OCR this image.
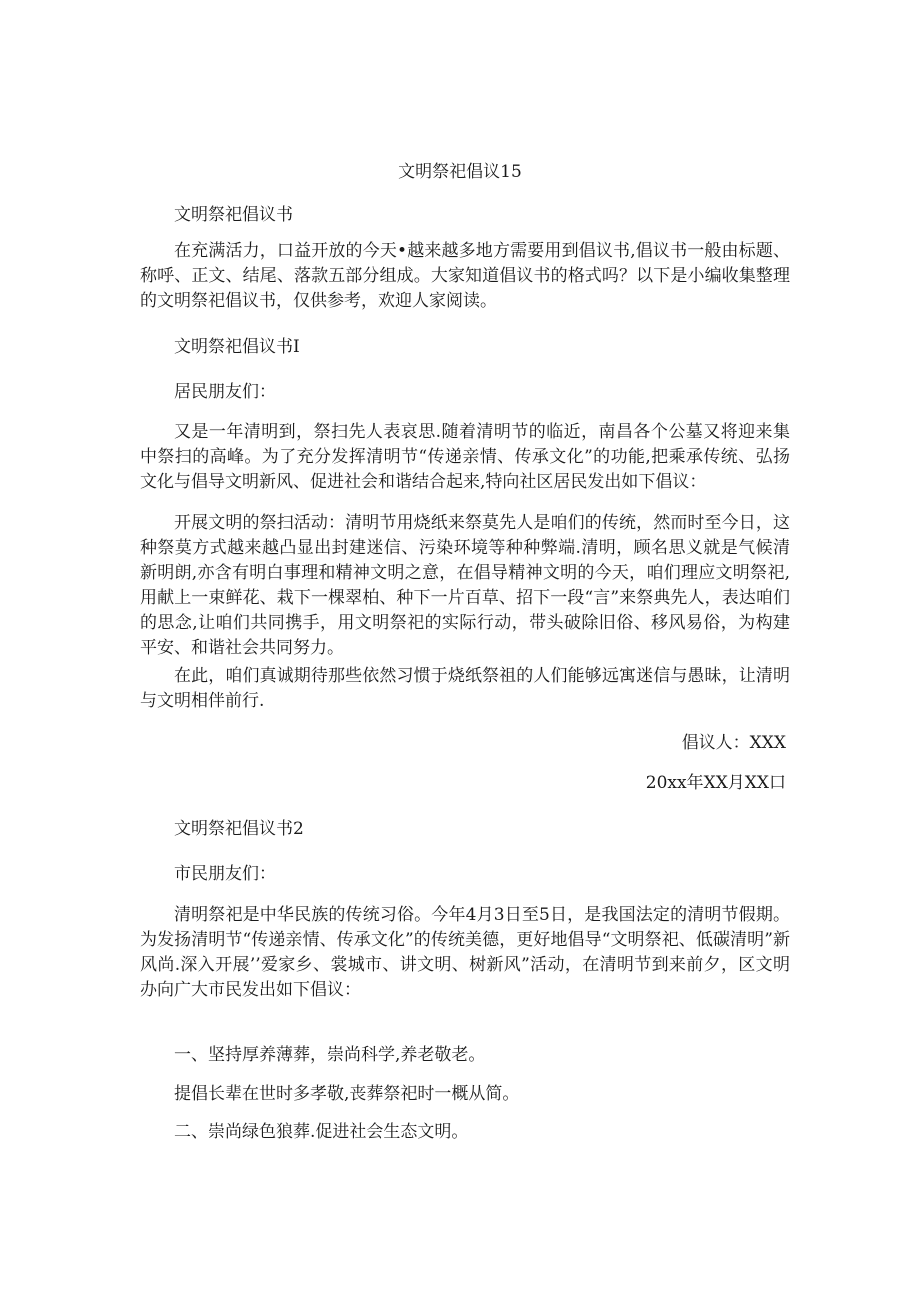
文明祭祀倡议15

文明祭祀倡议书

在充满活力，口益开放的今天•越来越多地方需要用到倡议书,倡议书一般由标题、称呼、正文、结尾、落款五部分组成。大家知道倡议书的格式吗？以下是小编收集整理的文明祭祀倡议书，仅供参考，欢迎人家阅读。

文明祭祀倡议书I

居民朋友们：

又是一年清明到，祭扫先人表哀思.随着清明节的临近，南昌各个公墓又将迎来集中祭扫的高峰。为了充分发挥清明节“传递亲情、传承文化”的功能,把乘承传统、弘扬文化与倡导文明新风、促进社会和谐结合起来,特向社区居民发出如下倡议：

开展文明的祭扫活动：清明节用烧纸来祭莫先人是咱们的传统，然而时至今日，这种祭莫方式越来越凸显出封建迷信、污染环境等种种弊端.清明，顾名思义就是气候清新明朗,亦含有明白事理和精神文明之意，在倡导精神文明的今天，咱们理应文明祭祀,用献上一束鲜花、栽下一棵翠柏、种下一片百草、招下一段“言”来祭典先人，表达咱们的思念,让咱们共同携手，用文明祭祀的实际行动，带头破除旧俗、移风易俗，为构建平安、和谐社会共同努力。

在此，咱们真诚期待那些依然习惯于烧纸祭祖的人们能够远寓迷信与愚昧，让清明与文明相伴前行.

倡议人：XXX
20xx年XX月XX口

文明祭祀倡议书2

市民朋友们：

清明祭祀是中华民族的传统习俗。今年4月3日至5日，是我国法定的清明节假期。为发扬清明节“传递亲情、传承文化”的传统美德，更好地倡导“文明祭祀、低碳清明”新风尚.深入开展’’爱家乡、裳城市、讲文明、树新风”活动，在清明节到来前夕，区文明办向广大市民发出如下倡议：

一、坚持厚养薄葬，崇尚科学,养老敬老。

提倡长辈在世时多孝敬,丧葬祭祀时一概从简。

二、崇尚绿色狼葬.促进社会生态文明。
